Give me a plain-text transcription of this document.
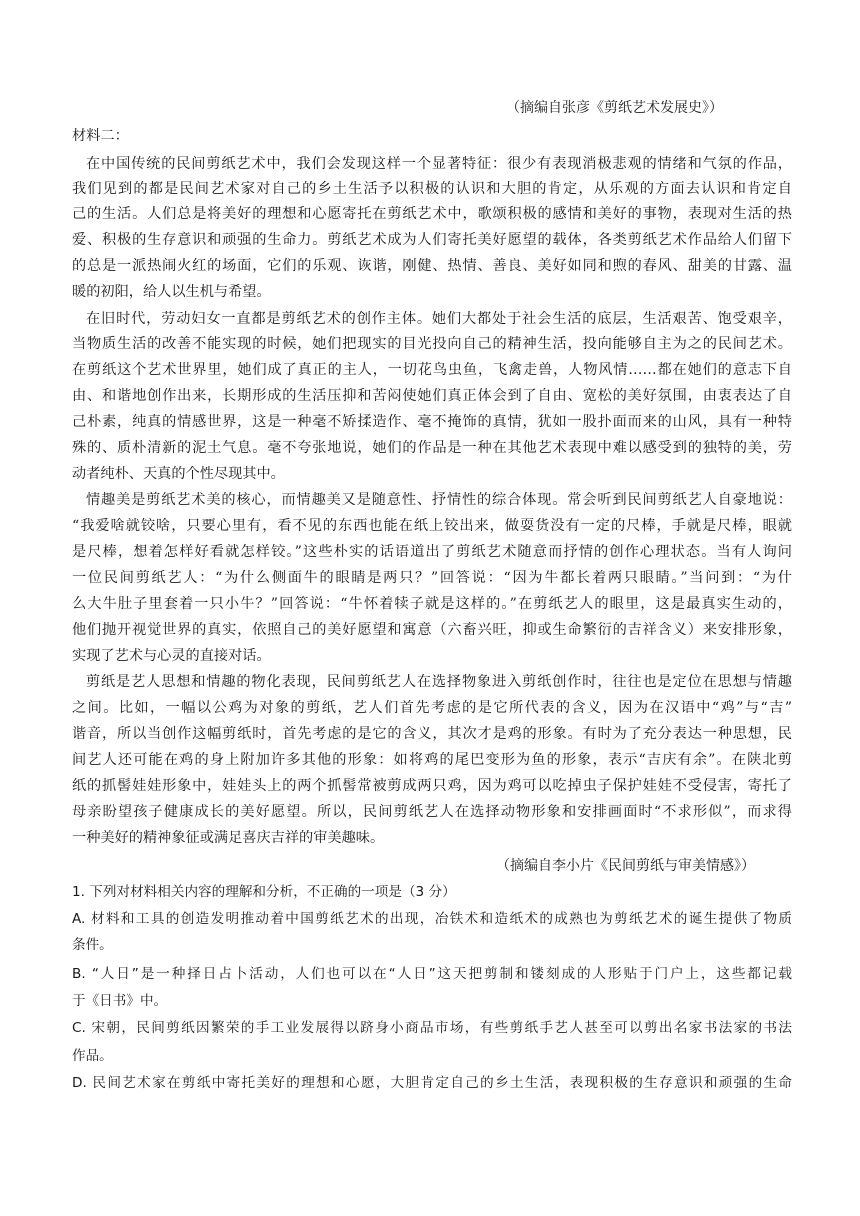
（摘编自张彦《剪纸艺术发展史》）
材料二：
在中国传统的民间剪纸艺术中，我们会发现这样一个显著特征：很少有表现消极悲观的情绪和气氛的作品，
我们见到的都是民间艺术家对自己的乡土生活予以积极的认识和大胆的肯定，从乐观的方面去认识和肯定自
己的生活。人们总是将美好的理想和心愿寄托在剪纸艺术中，歌颂积极的感情和美好的事物，表现对生活的热
爱、积极的生存意识和顽强的生命力。剪纸艺术成为人们寄托美好愿望的载体，各类剪纸艺术作品给人们留下
的总是一派热闹火红的场面，它们的乐观、诙谐，刚健、热情、善良、美好如同和煦的春风、甜美的甘露、温
暖的初阳，给人以生机与希望。
在旧时代，劳动妇女一直都是剪纸艺术的创作主体。她们大都处于社会生活的底层，生活艰苦、饱受艰辛，
当物质生活的改善不能实现的时候，她们把现实的目光投向自己的精神生活，投向能够自主为之的民间艺术。
在剪纸这个艺术世界里，她们成了真正的主人，一切花鸟虫鱼，飞禽走兽，人物风情……都在她们的意志下自
由、和谐地创作出来，长期形成的生活压抑和苦闷使她们真正体会到了自由、宽松的美好氛围，由衷表达了自
己朴素，纯真的情感世界，这是一种毫不矫揉造作、毫不掩饰的真情，犹如一股扑面而来的山风，具有一种特
殊的、质朴清新的泥土气息。毫不夸张地说，她们的作品是一种在其他艺术表现中难以感受到的独特的美，劳
动者纯朴、天真的个性尽现其中。
情趣美是剪纸艺术美的核心，而情趣美又是随意性、抒情性的综合体现。常会听到民间剪纸艺人自豪地说：
“我爱啥就铰啥，只要心里有，看不见的东西也能在纸上铰出来，做耍货没有一定的尺棒，手就是尺棒，眼就
是尺棒，想着怎样好看就怎样铰。”这些朴实的话语道出了剪纸艺术随意而抒情的创作心理状态。当有人询问
一位民间剪纸艺人：“为什么侧面牛的眼睛是两只？”回答说：“因为牛都长着两只眼睛。”当问到：“为什
么大牛肚子里套着一只小牛？”回答说：“牛怀着犊子就是这样的。”在剪纸艺人的眼里，这是最真实生动的，
他们抛开视觉世界的真实，依照自己的美好愿望和寓意（六畜兴旺，抑或生命繁衍的吉祥含义）来安排形象，
实现了艺术与心灵的直接对话。
剪纸是艺人思想和情趣的物化表现，民间剪纸艺人在选择物象进入剪纸创作时，往往也是定位在思想与情趣
之间。比如，一幅以公鸡为对象的剪纸，艺人们首先考虑的是它所代表的含义，因为在汉语中“鸡”与“吉”
谐音，所以当创作这幅剪纸时，首先考虑的是它的含义，其次才是鸡的形象。有时为了充分表达一种思想，民
间艺人还可能在鸡的身上附加许多其他的形象：如将鸡的尾巴变形为鱼的形象，表示“吉庆有余”。在陕北剪
纸的抓髻娃娃形象中，娃娃头上的两个抓髻常被剪成两只鸡，因为鸡可以吃掉虫子保护娃娃不受侵害，寄托了
母亲盼望孩子健康成长的美好愿望。所以，民间剪纸艺人在选择动物形象和安排画面时“不求形似”，而求得
一种美好的精神象征或满足喜庆吉祥的审美趣味。
（摘编自李小片《民间剪纸与审美情感》）
1. 下列对材料相关内容的理解和分析，不正确的一项是（3 分）
A. 材料和工具的创造发明推动着中国剪纸艺术的出现，冶铁术和造纸术的成熟也为剪纸艺术的诞生提供了物质
条件。
B. “人日”是一种择日占卜活动，人们也可以在“人日”这天把剪制和镂刻成的人形贴于门户上，这些都记载
于《日书》中。
C. 宋朝，民间剪纸因繁荣的手工业发展得以跻身小商品市场，有些剪纸手艺人甚至可以剪出名家书法家的书法
作品。
D. 民间艺术家在剪纸中寄托美好的理想和心愿，大胆肯定自己的乡土生活，表现积极的生存意识和顽强的生命
